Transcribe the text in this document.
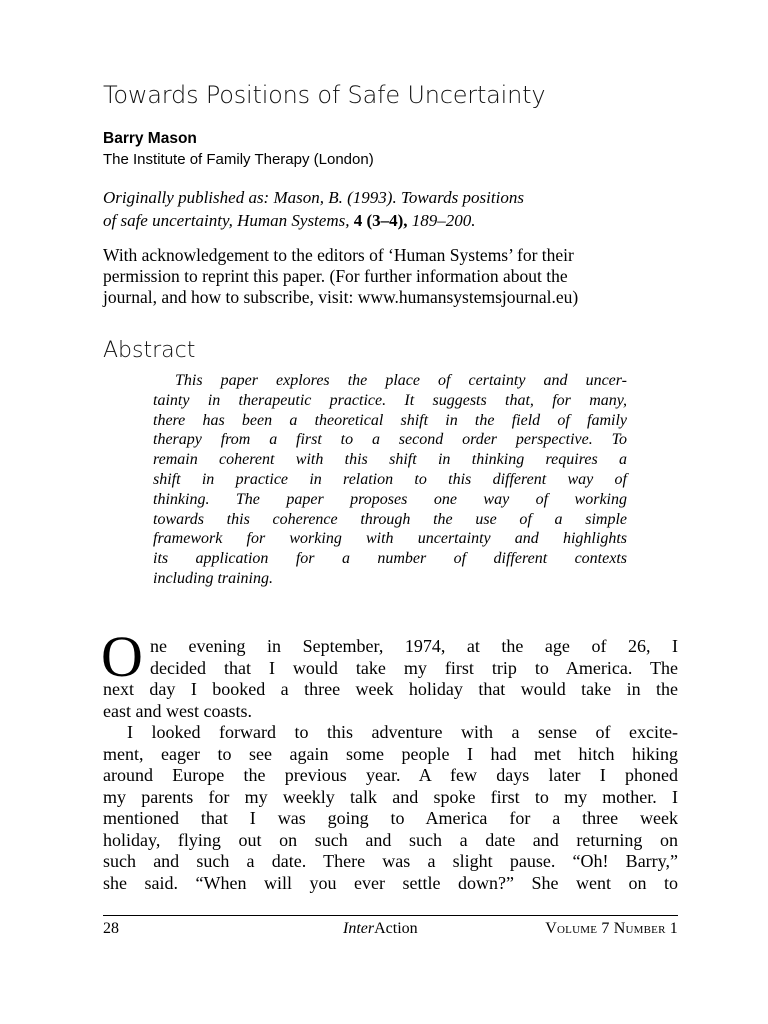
Towards Positions of Safe Uncertainty
Barry Mason
The Institute of Family Therapy (London)
Originally published as: Mason, B. (1993). Towards positions
of safe uncertainty, Human Systems, 4 (3–4), 189–200.
With acknowledgement to the editors of ‘Human Systems’ for their
permission to reprint this paper. (For further information about the
journal, and how to subscribe, visit: www.humansystemsjournal.eu)
Abstract
This paper explores the place of certainty and uncer-
tainty in therapeutic practice. It suggests that, for many,
there has been a theoretical shift in the field of family
therapy from a first to a second order perspective. To
remain coherent with this shift in thinking requires a
shift in practice in relation to this different way of
thinking. The paper proposes one way of working
towards this coherence through the use of a simple
framework for working with uncertainty and highlights
its application for a number of different contexts
including training.
O ne evening in September, 1974, at the age of 26, I
decided that I would take my first trip to America. The
next day I booked a three week holiday that would take in the
east and west coasts.
I looked forward to this adventure with a sense of excite-
ment, eager to see again some people I had met hitch hiking
around Europe the previous year. A few days later I phoned
my parents for my weekly talk and spoke first to my mother. I
mentioned that I was going to America for a three week
holiday, flying out on such and such a date and returning on
such and such a date. There was a slight pause. “Oh! Barry,”
she said. “When will you ever settle down?” She went on to
28	InterAction	Volume 7 Number 1
